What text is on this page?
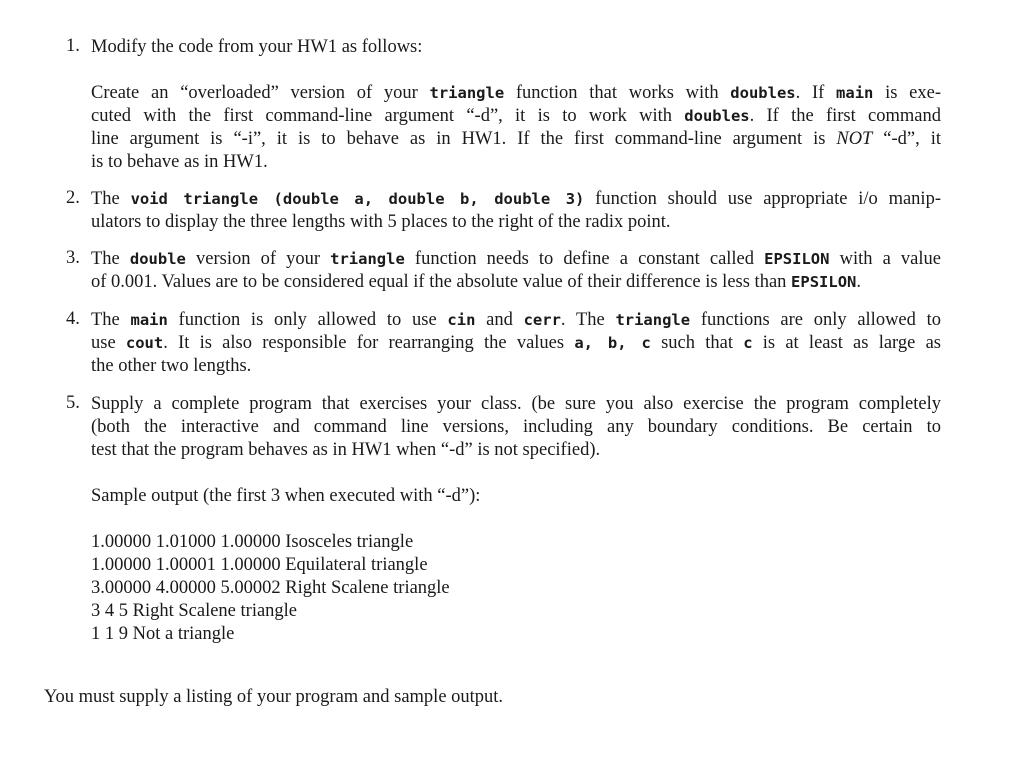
1. Modify the code from your HW1 as follows:
Create an “overloaded” version of your triangle function that works with doubles. If main is exe-
cuted with the first command-line argument “-d”, it is to work with doubles. If the first command
line argument is “-i”, it is to behave as in HW1. If the first command-line argument is NOT “-d”, it
is to behave as in HW1.
2. The void triangle (double a, double b, double 3) function should use appropriate i/o manip-
ulators to display the three lengths with 5 places to the right of the radix point.
3. The double version of your triangle function needs to define a constant called EPSILON with a value
of 0.001. Values are to be considered equal if the absolute value of their difference is less than EPSILON.
4. The main function is only allowed to use cin and cerr. The triangle functions are only allowed to
use cout. It is also responsible for rearranging the values a, b, c such that c is at least as large as
the other two lengths.
5. Supply a complete program that exercises your class. (be sure you also exercise the program completely
(both the interactive and command line versions, including any boundary conditions. Be certain to
test that the program behaves as in HW1 when “-d” is not specified).
Sample output (the first 3 when executed with “-d”):
1.00000 1.01000 1.00000 Isosceles triangle
1.00000 1.00001 1.00000 Equilateral triangle
3.00000 4.00000 5.00002 Right Scalene triangle
3 4 5 Right Scalene triangle
1 1 9 Not a triangle
You must supply a listing of your program and sample output.
